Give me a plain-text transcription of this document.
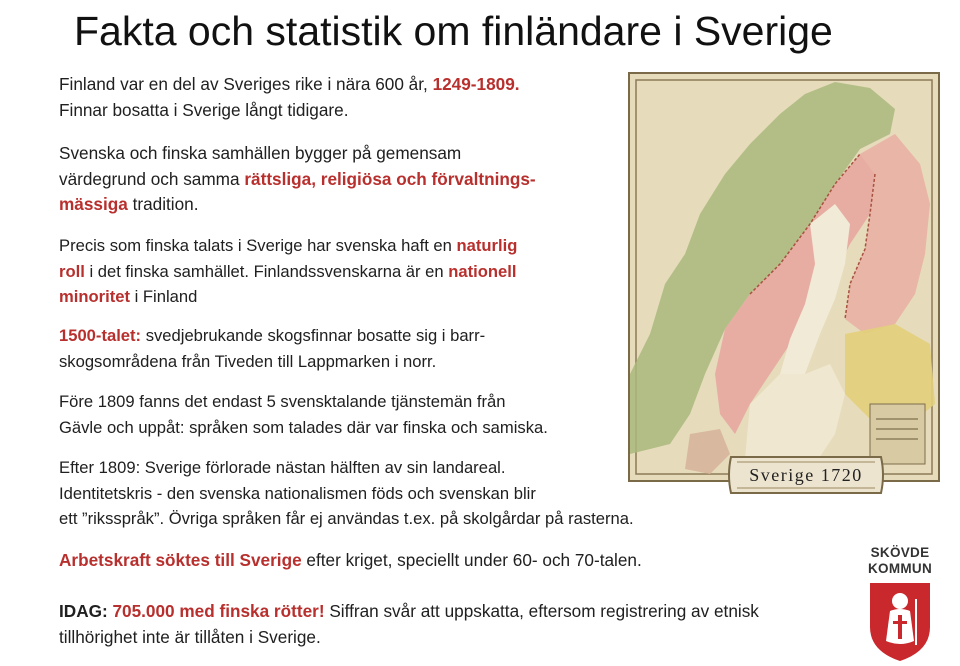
Fakta och statistik om finländare i Sverige
Finland var en del av Sveriges rike i nära 600 år, 1249-1809.
Finnar bosatta i Sverige långt tidigare.
Svenska och finska samhällen bygger på gemensam
värdegrund och samma rättsliga, religiösa och förvaltnings-
mässiga tradition.
Precis som finska talats i Sverige har svenska haft en naturlig
roll i det finska samhället. Finlandssvenskarna är en nationell
minoritet i Finland
1500-talet: svedjebrukande skogsfinnar bosatte sig i barr-
skogsområdena från Tiveden till Lappmarken i norr.
Före 1809 fanns det endast 5 svensktalande tjänstemän från
Gävle och uppåt: språken som talades där var finska och samiska.
Efter 1809: Sverige förlorade nästan hälften av sin landareal.
Identitetskris - den svenska nationalismen föds och svenskan blir
ett ”riksspråk”. Övriga språken får ej användas t.ex. på skolgårdar på rasterna.
Arbetskraft söktes till Sverige efter kriget, speciellt under 60- och 70-talen.
IDAG: 705.000 med finska rötter! Siffran svår att uppskatta, eftersom registrering av etnisk
tillhörighet inte är tillåten i Sverige.
Sverige 1720
SKÖVDE
KOMMUN
